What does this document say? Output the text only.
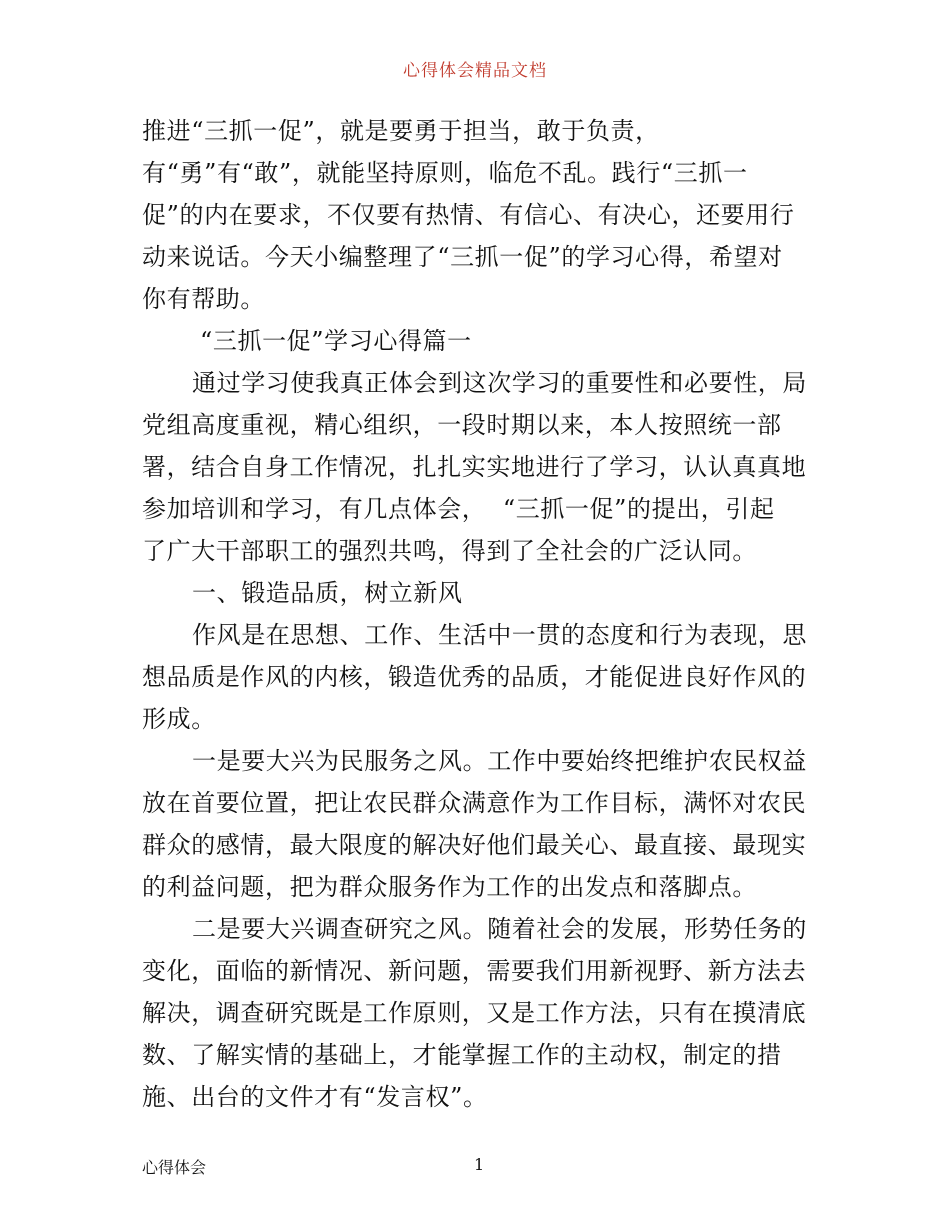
心得体会精品文档
推进“三抓一促”，就是要勇于担当，敢于负责，
有“勇”有“敢”，就能坚持原则，临危不乱。践行“三抓一
促”的内在要求，不仅要有热情、有信心、有决心，还要用行
动来说话。今天小编整理了“三抓一促”的学习心得，希望对
你有帮助。
“三抓一促”学习心得篇一
通过学习使我真正体会到这次学习的重要性和必要性，局
党组高度重视，精心组织，一段时期以来，本人按照统一部
署，结合自身工作情况，扎扎实实地进行了学习，认认真真地
参加培训和学习，有几点体会，  “三抓一促”的提出，引起
了广大干部职工的强烈共鸣，得到了全社会的广泛认同。
一、锻造品质，树立新风
作风是在思想、工作、生活中一贯的态度和行为表现，思
想品质是作风的内核，锻造优秀的品质，才能促进良好作风的
形成。
一是要大兴为民服务之风。工作中要始终把维护农民权益
放在首要位置，把让农民群众满意作为工作目标，满怀对农民
群众的感情，最大限度的解决好他们最关心、最直接、最现实
的利益问题，把为群众服务作为工作的出发点和落脚点。
二是要大兴调查研究之风。随着社会的发展，形势任务的
变化，面临的新情况、新问题，需要我们用新视野、新方法去
解决，调查研究既是工作原则，又是工作方法，只有在摸清底
数、了解实情的基础上，才能掌握工作的主动权，制定的措
施、出台的文件才有“发言权”。
心得体会	1
